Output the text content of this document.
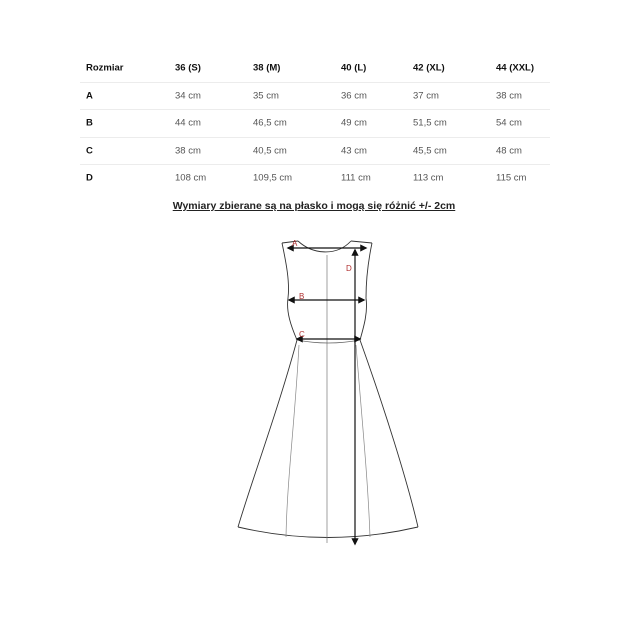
Rozmiar	36 (S)	38 (M)	40 (L)	42 (XL)	44 (XXL)
A	34 cm	35 cm	36 cm	37 cm	38 cm
B	44 cm	46,5 cm	49 cm	51,5 cm	54 cm
C	38 cm	40,5 cm	43 cm	45,5 cm	48 cm
D	108 cm	109,5 cm	111 cm	113 cm	115 cm
Wymiary zbierane są na płasko i mogą się różnić +/- 2cm
A
B
C
D
